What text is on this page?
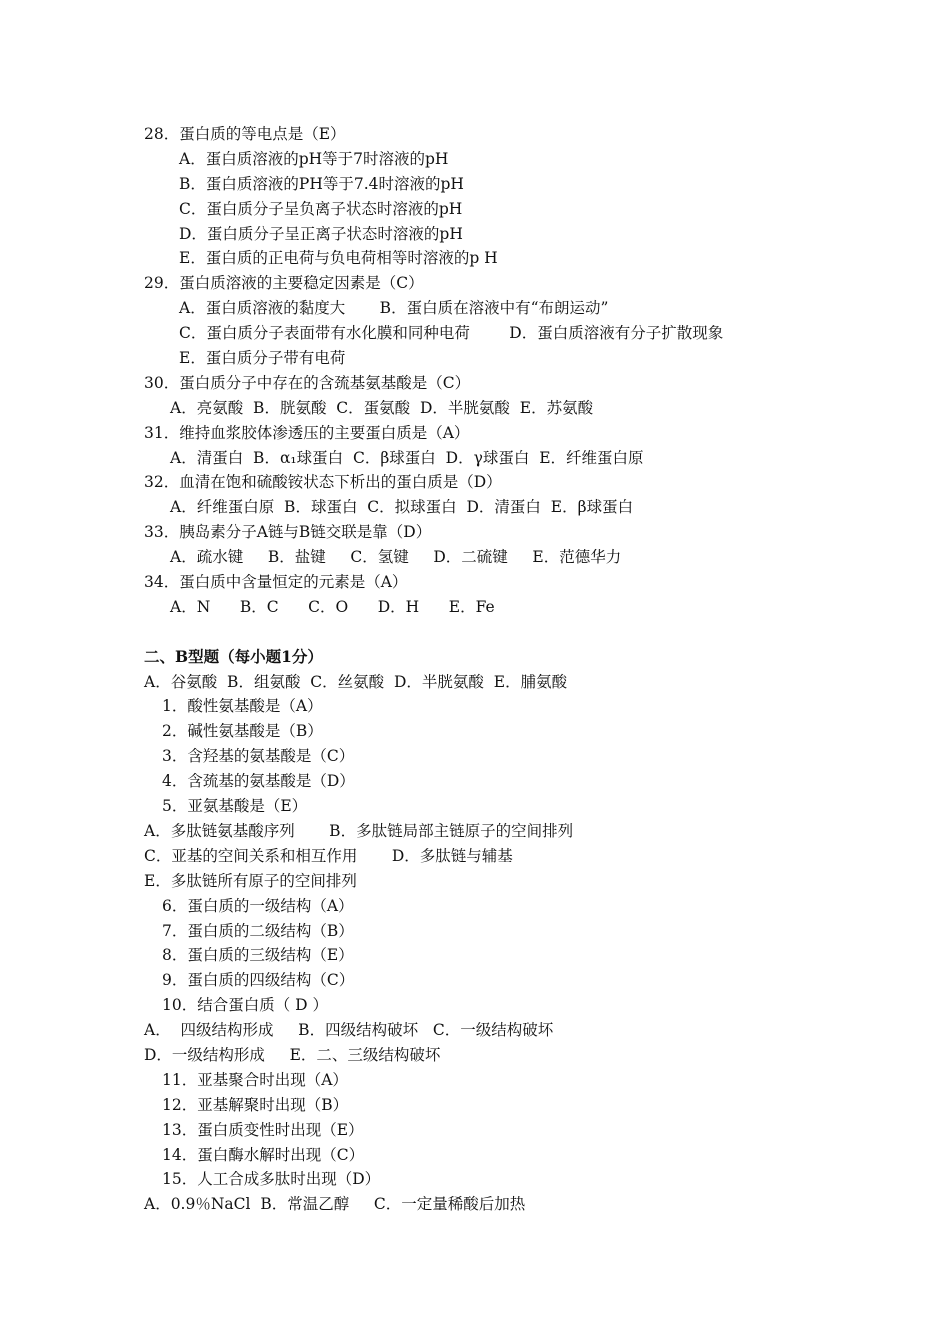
28．蛋白质的等电点是（E）
A．蛋白质溶液的pH等于7时溶液的pH
B．蛋白质溶液的PH等于7.4时溶液的pH
C．蛋白质分子呈负离子状态时溶液的pH
D．蛋白质分子呈正离子状态时溶液的pH
E．蛋白质的正电荷与负电荷相等时溶液的p H
29．蛋白质溶液的主要稳定因素是（C）
A．蛋白质溶液的黏度大       B．蛋白质在溶液中有“布朗运动”
C．蛋白质分子表面带有水化膜和同种电荷        D．蛋白质溶液有分子扩散现象
E．蛋白质分子带有电荷
30．蛋白质分子中存在的含巯基氨基酸是（C）
A．亮氨酸  B．胱氨酸  C．蛋氨酸  D．半胱氨酸  E．苏氨酸
31．维持血浆胶体渗透压的主要蛋白质是（A）
A．清蛋白  B．α₁球蛋白  C．β球蛋白  D．γ球蛋白  E．纤维蛋白原
32．血清在饱和硫酸铵状态下析出的蛋白质是（D）
A．纤维蛋白原  B．球蛋白  C．拟球蛋白  D．清蛋白  E．β球蛋白
33．胰岛素分子A链与B链交联是靠（D）
A．疏水键     B．盐键     C．氢键     D．二硫键     E．范德华力
34．蛋白质中含量恒定的元素是（A）
A．N      B．C      C．O      D．H      E．Fe
二、B型题（每小题1分）
A．谷氨酸  B．组氨酸  C．丝氨酸  D．半胱氨酸  E．脯氨酸
1．酸性氨基酸是（A）
2．碱性氨基酸是（B）
3．含羟基的氨基酸是（C）
4．含巯基的氨基酸是（D）
5．亚氨基酸是（E）
A．多肽链氨基酸序列       B．多肽链局部主链原子的空间排列
C．亚基的空间关系和相互作用       D．多肽链与辅基
E．多肽链所有原子的空间排列
6．蛋白质的一级结构（A）
7．蛋白质的二级结构（B）
8．蛋白质的三级结构（E）
9．蛋白质的四级结构（C）
10．结合蛋白质（ D ）
A．  四级结构形成     B．四级结构破坏   C．一级结构破坏
D．一级结构形成     E．二、三级结构破坏
11．亚基聚合时出现（A）
12．亚基解聚时出现（B）
13．蛋白质变性时出现（E）
14．蛋白酶水解时出现（C）
15．人工合成多肽时出现（D）
A．0.9％NaCl  B．常温乙醇     C．一定量稀酸后加热
